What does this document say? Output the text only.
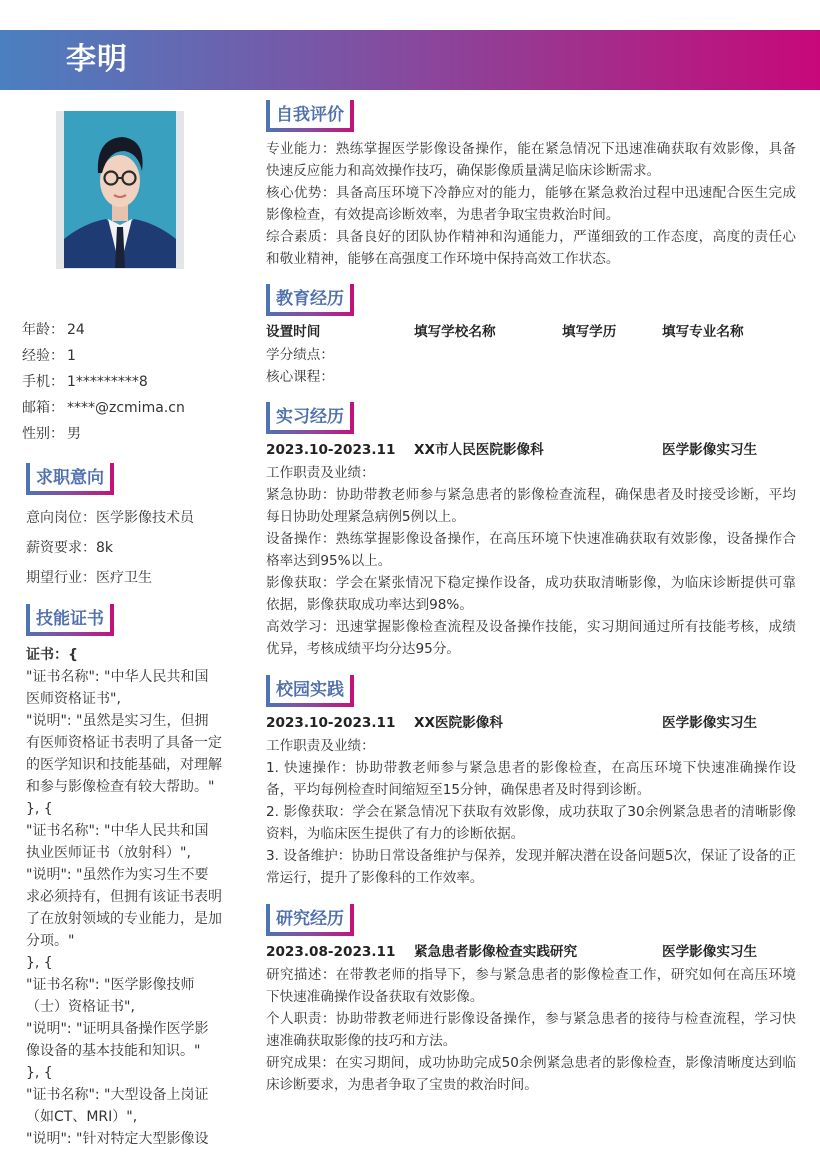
李明
年龄： 24
经验： 1
手机： 1*********8
邮箱： ****@zcmima.cn
性别： 男
求职意向
意向岗位：医学影像技术员
薪资要求：8k
期望行业：医疗卫生
技能证书
证书：{
"证书名称": "中华人民共和国医师资格证书",
"说明": "虽然是实习生，但拥有医师资格证书表明了具备一定的医学知识和技能基础，对理解和参与影像检查有较大帮助。"
}, {
"证书名称": "中华人民共和国执业医师证书（放射科）",
"说明": "虽然作为实习生不要求必须持有，但拥有该证书表明了在放射领域的专业能力，是加分项。"
}, {
"证书名称": "医学影像技师（士）资格证书",
"说明": "证明具备操作医学影像设备的基本技能和知识。"
}, {
"证书名称": "大型设备上岗证（如CT、MRI）",
"说明": "针对特定大型影像设
自我评价
专业能力：熟练掌握医学影像设备操作，能在紧急情况下迅速准确获取有效影像，具备快速反应能力和高效操作技巧，确保影像质量满足临床诊断需求。
核心优势：具备高压环境下冷静应对的能力，能够在紧急救治过程中迅速配合医生完成影像检查，有效提高诊断效率，为患者争取宝贵救治时间。
综合素质：具备良好的团队协作精神和沟通能力，严谨细致的工作态度，高度的责任心和敬业精神，能够在高强度工作环境中保持高效工作状态。
教育经历
设置时间	填写学校名称	填写学历	填写专业名称
学分绩点：
核心课程：
实习经历
2023.10-2023.11 XX市人民医院影像科	医学影像实习生
工作职责及业绩：
紧急协助：协助带教老师参与紧急患者的影像检查流程，确保患者及时接受诊断，平均每日协助处理紧急病例5例以上。
设备操作：熟练掌握影像设备操作，在高压环境下快速准确获取有效影像，设备操作合格率达到95%以上。
影像获取：学会在紧张情况下稳定操作设备，成功获取清晰影像，为临床诊断提供可靠依据，影像获取成功率达到98%。
高效学习：迅速掌握影像检查流程及设备操作技能，实习期间通过所有技能考核，成绩优异，考核成绩平均分达95分。
校园实践
2023.10-2023.11 XX医院影像科	医学影像实习生
工作职责及业绩：
1. 快速操作：协助带教老师参与紧急患者的影像检查，在高压环境下快速准确操作设备，平均每例检查时间缩短至15分钟，确保患者及时得到诊断。
2. 影像获取：学会在紧急情况下获取有效影像，成功获取了30余例紧急患者的清晰影像资料，为临床医生提供了有力的诊断依据。
3. 设备维护：协助日常设备维护与保养，发现并解决潜在设备问题5次，保证了设备的正常运行，提升了影像科的工作效率。
研究经历
2023.08-2023.11 紧急患者影像检查实践研究	医学影像实习生
研究描述：在带教老师的指导下，参与紧急患者的影像检查工作，研究如何在高压环境下快速准确操作设备获取有效影像。
个人职责：协助带教老师进行影像设备操作，参与紧急患者的接待与检查流程，学习快速准确获取影像的技巧和方法。
研究成果：在实习期间，成功协助完成50余例紧急患者的影像检查，影像清晰度达到临床诊断要求，为患者争取了宝贵的救治时间。
